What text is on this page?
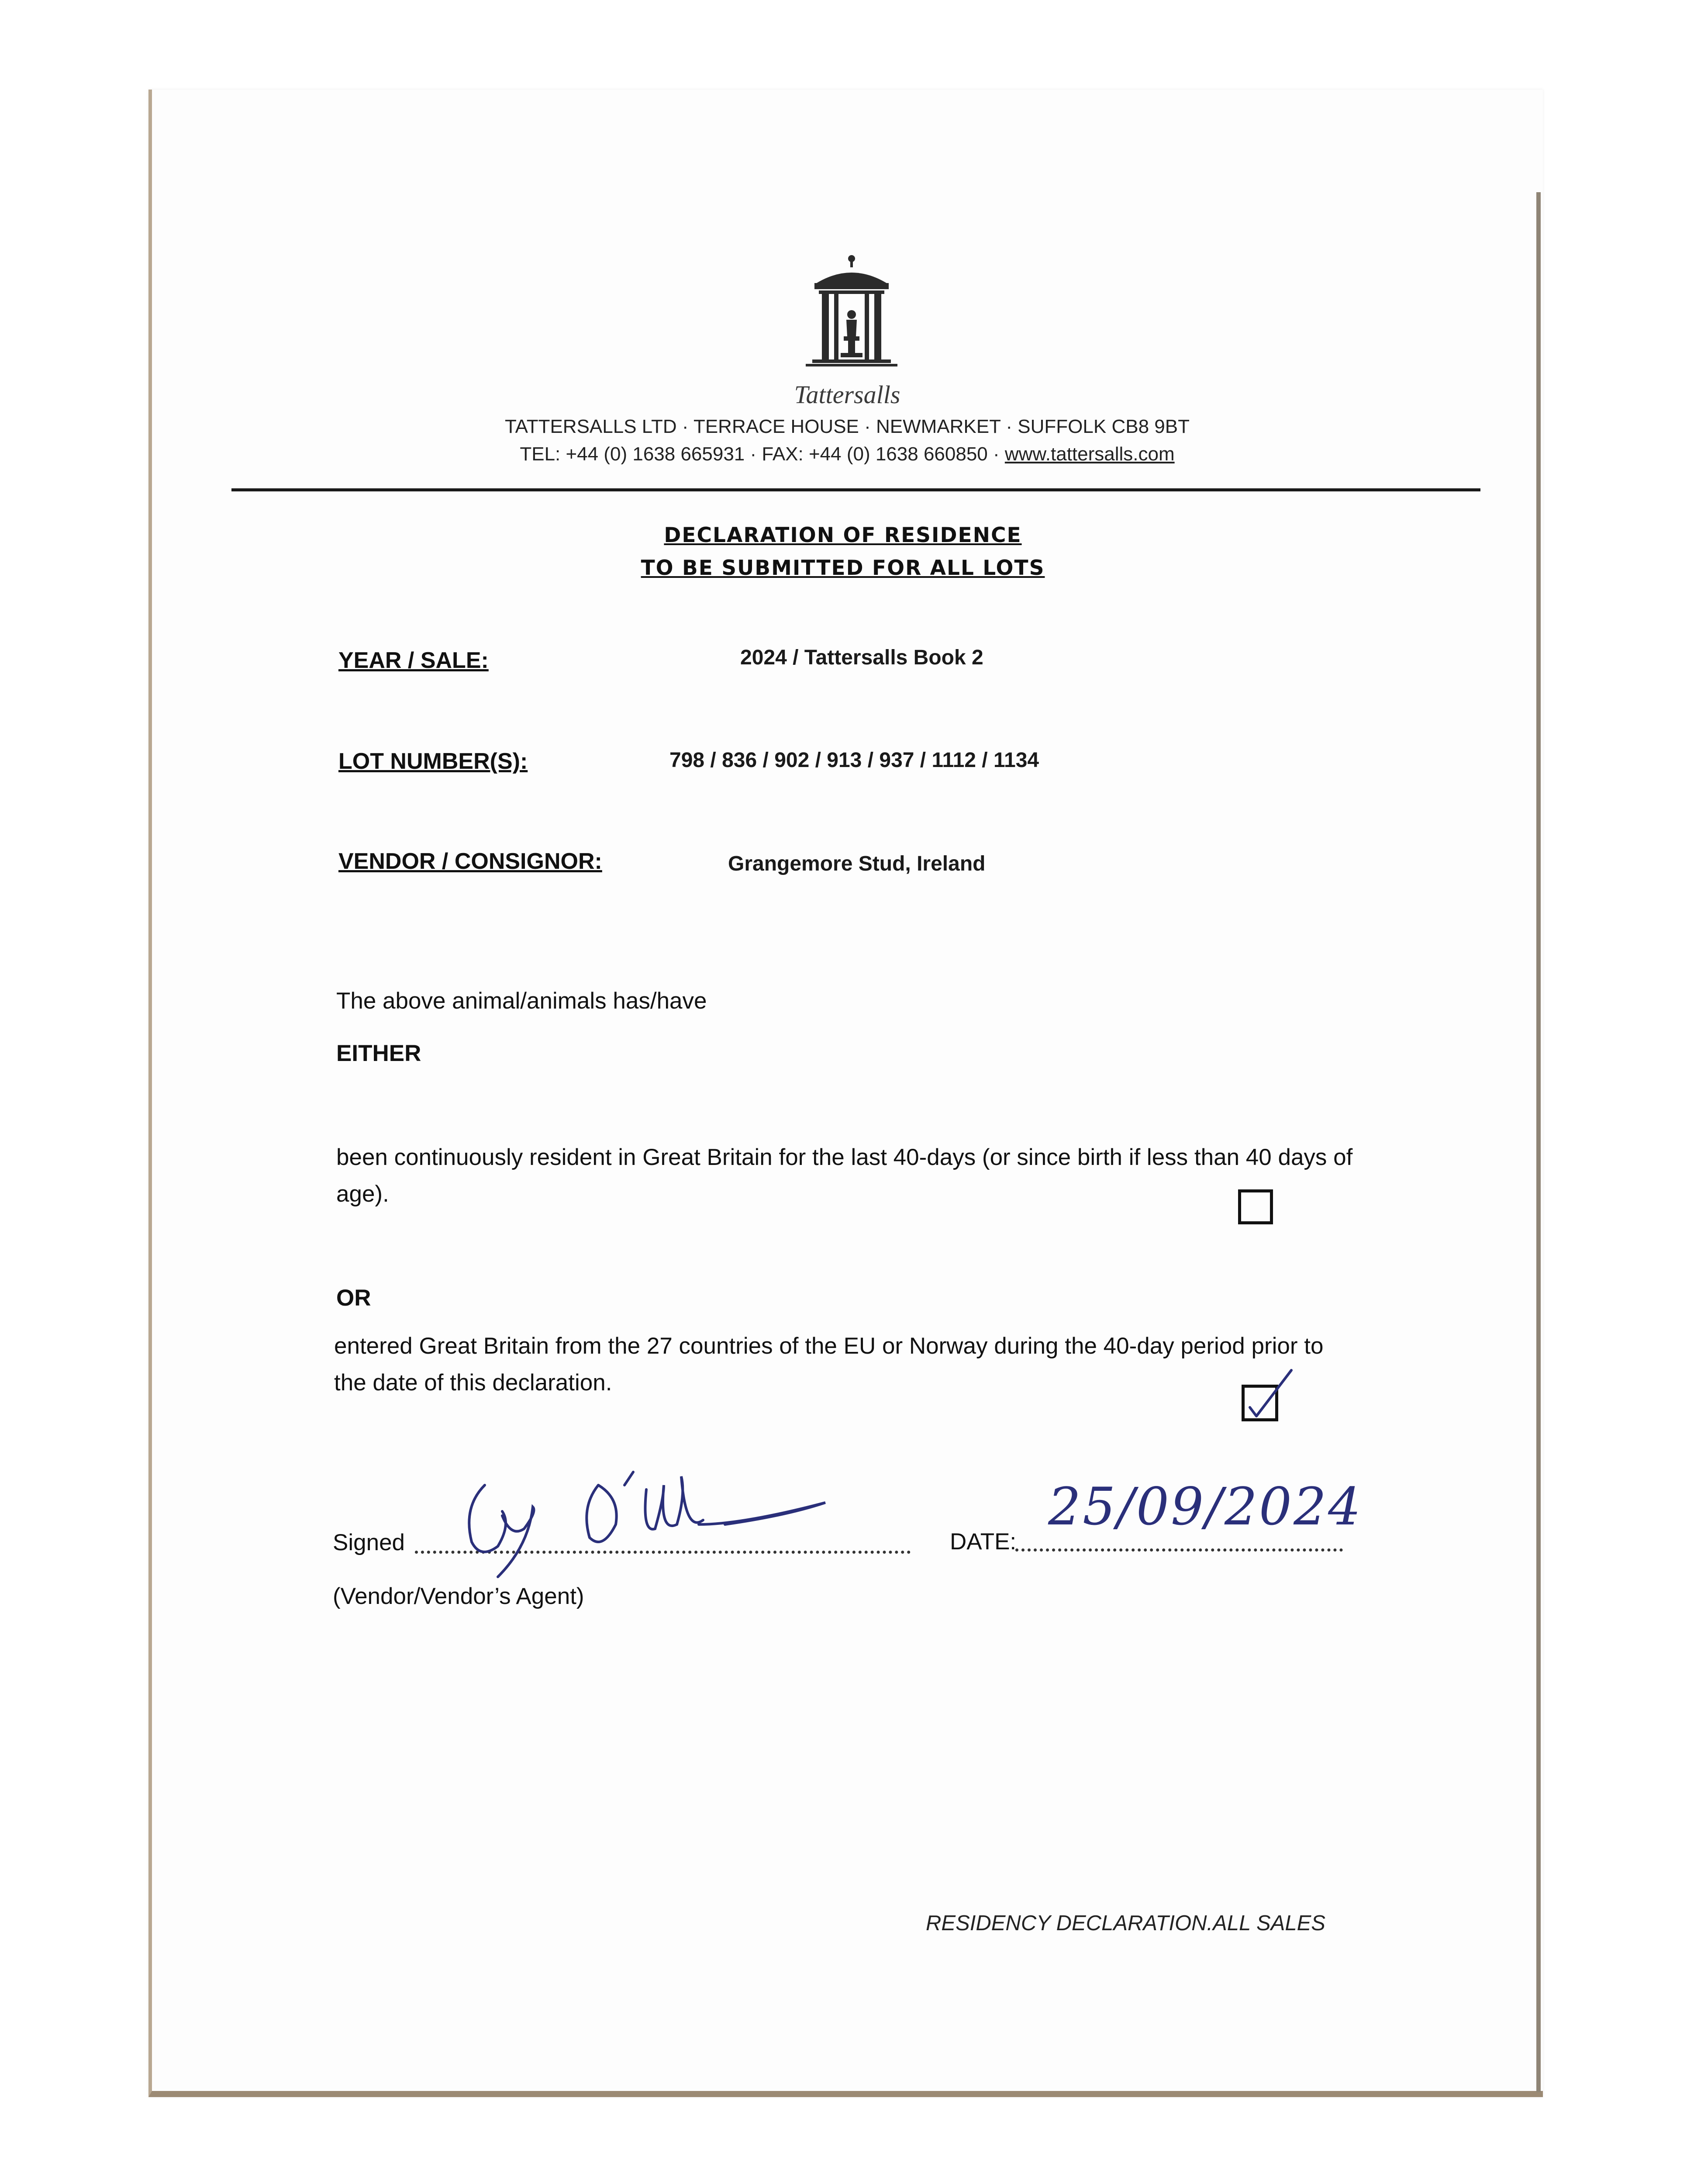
Tattersalls
TATTERSALLS LTD · TERRACE HOUSE · NEWMARKET · SUFFOLK CB8 9BT
TEL: +44 (0) 1638 665931 · FAX: +44 (0) 1638 660850 · www.tattersalls.com
DECLARATION OF RESIDENCE
TO BE SUBMITTED FOR ALL LOTS
YEAR / SALE:	2024 / Tattersalls Book 2
LOT NUMBER(S):	798 / 836 / 902 / 913 / 937 / 1112 / 1134
VENDOR / CONSIGNOR:	Grangemore Stud, Ireland
The above animal/animals has/have
EITHER
been continuously resident in Great Britain for the last 40-days (or since birth if less than 40 days of age).
OR
entered Great Britain from the 27 countries of the EU or Norway during the 40-day period prior to the date of this declaration.
Signed	DATE:
25/09/2024
(Vendor/Vendor’s Agent)
RESIDENCY DECLARATION.ALL SALES
